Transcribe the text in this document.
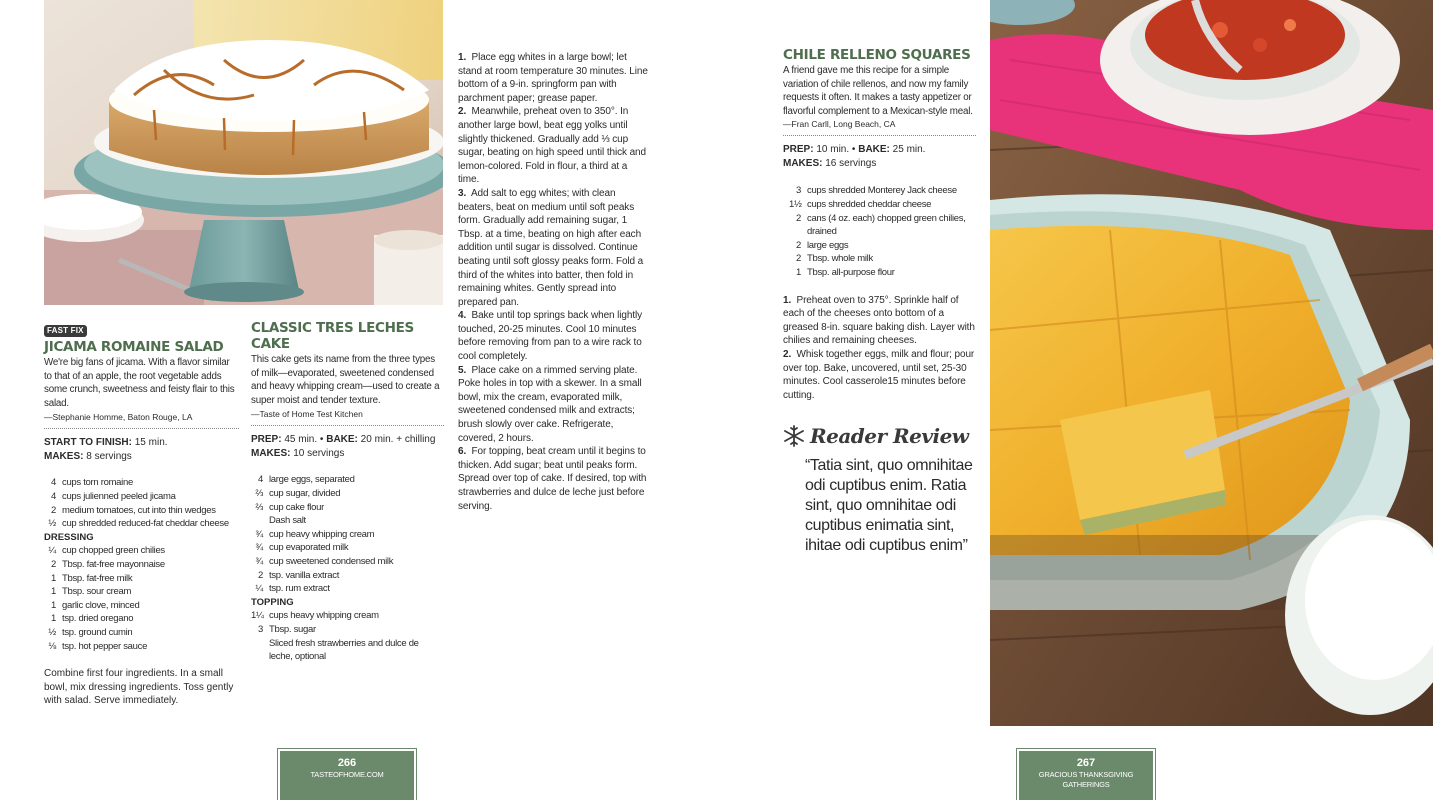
FAST FIX
JICAMA ROMAINE SALAD
We're big fans of jicama. With a flavor similar to that of an apple, the root vegetable adds some crunch, sweetness and feisty flair to this salad.
—Stephanie Homme, Baton Rouge, LA
START TO FINISH: 15 min.
MAKES: 8 servings
4 cups torn romaine
4 cups julienned peeled jicama
2 medium tomatoes, cut into thin wedges
½ cup shredded reduced-fat cheddar cheese
DRESSING
¼ cup chopped green chilies
2 Tbsp. fat-free mayonnaise
1 Tbsp. fat-free milk
1 Tbsp. sour cream
1 garlic clove, minced
1 tsp. dried oregano
½ tsp. ground cumin
⅛ tsp. hot pepper sauce
Combine first four ingredients. In a small bowl, mix dressing ingredients. Toss gently with salad. Serve immediately.
CLASSIC TRES LECHES CAKE
This cake gets its name from the three types of milk—evaporated, sweetened condensed and heavy whipping cream—used to create a super moist and tender texture.
—Taste of Home Test Kitchen
PREP: 45 min. • BAKE: 20 min. + chilling
MAKES: 10 servings
4 large eggs, separated
⅔ cup sugar, divided
⅔ cup cake flour
Dash salt
¾ cup heavy whipping cream
¾ cup evaporated milk
¾ cup sweetened condensed milk
2 tsp. vanilla extract
¼ tsp. rum extract
TOPPING
1¼ cups heavy whipping cream
3 Tbsp. sugar
Sliced fresh strawberries and dulce de leche, optional
1. Place egg whites in a large bowl; let stand at room temperature 30 minutes. Line bottom of a 9-in. springform pan with parchment paper; grease paper.
2. Meanwhile, preheat oven to 350°. In another large bowl, beat egg yolks until slightly thickened. Gradually add ⅓ cup sugar, beating on high speed until thick and lemon-colored. Fold in flour, a third at a time.
3. Add salt to egg whites; with clean beaters, beat on medium until soft peaks form. Gradually add remaining sugar, 1 Tbsp. at a time, beating on high after each addition until sugar is dissolved. Continue beating until soft glossy peaks form. Fold a third of the whites into batter, then fold in remaining whites. Gently spread into prepared pan.
4. Bake until top springs back when lightly touched, 20-25 minutes. Cool 10 minutes before removing from pan to a wire rack to cool completely.
5. Place cake on a rimmed serving plate. Poke holes in top with a skewer. In a small bowl, mix the cream, evaporated milk, sweetened condensed milk and extracts; brush slowly over cake. Refrigerate, covered, 2 hours.
6. For topping, beat cream until it begins to thicken. Add sugar; beat until peaks form. Spread over top of cake. If desired, top with strawberries and dulce de leche just before serving.
CHILE RELLENO SQUARES
A friend gave me this recipe for a simple variation of chile rellenos, and now my family requests it often. It makes a tasty appetizer or flavorful complement to a Mexican-style meal.
—Fran Carll, Long Beach, CA
PREP: 10 min. • BAKE: 25 min.
MAKES: 16 servings
3 cups shredded Monterey Jack cheese
1½ cups shredded cheddar cheese
2 cans (4 oz. each) chopped green chilies, drained
2 large eggs
2 Tbsp. whole milk
1 Tbsp. all-purpose flour
1. Preheat oven to 375°. Sprinkle half of each of the cheeses onto bottom of a greased 8-in. square baking dish. Layer with chilies and remaining cheeses.
2. Whisk together eggs, milk and flour; pour over top. Bake, uncovered, until set, 25-30 minutes. Cool casserole15 minutes before cutting.
Reader Review
“Tatia sint, quo omnihitae odi cuptibus enim. Ratia sint, quo omnihitae odi cuptibus enimatia sint, ihitae odi cuptibus enim”
266
TASTEOFHOME.COM
267
GRACIOUS THANKSGIVING GATHERINGS
